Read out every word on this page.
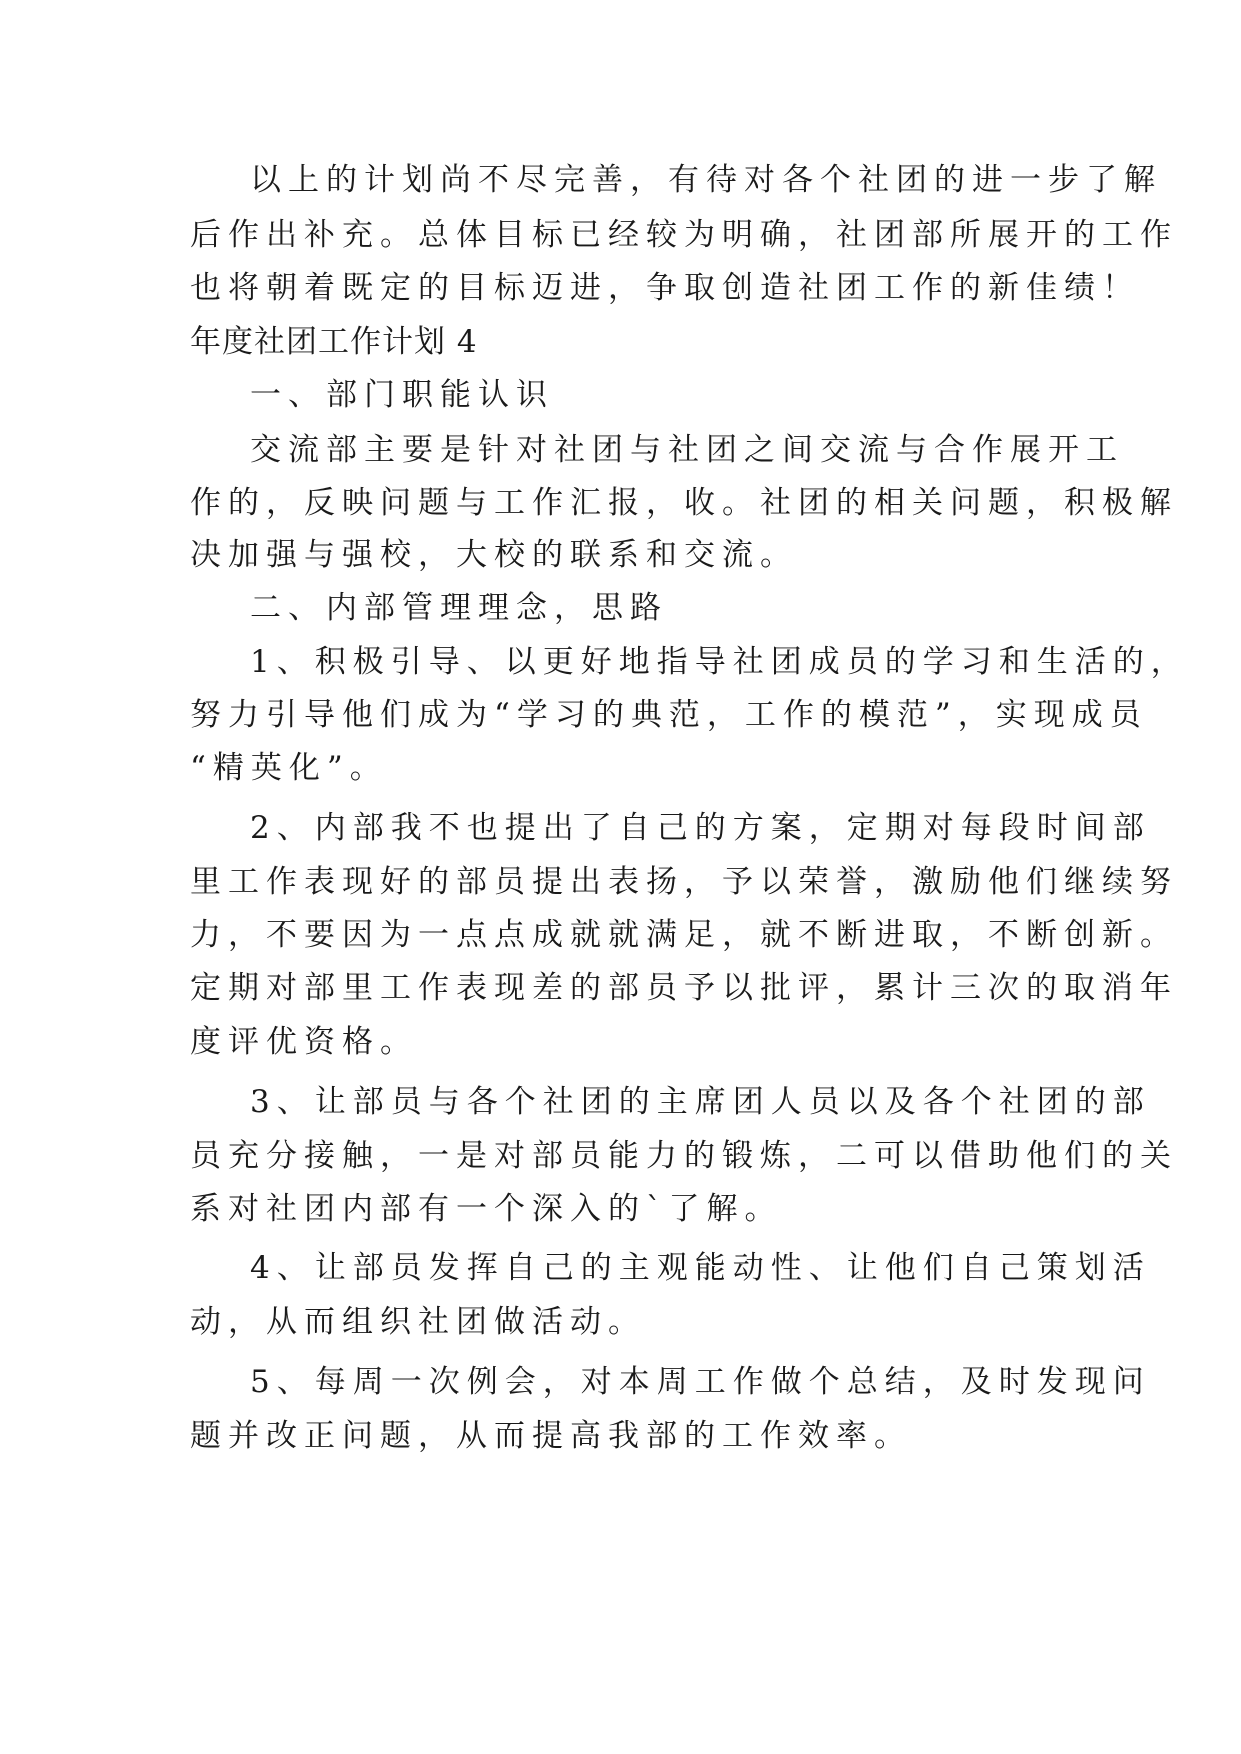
以上的计划尚不尽完善，有待对各个社团的进一步了解
后作出补充。总体目标已经较为明确，社团部所展开的工作
也将朝着既定的目标迈进，争取创造社团工作的新佳绩！
年度社团工作计划 4
一、部门职能认识
交流部主要是针对社团与社团之间交流与合作展开工
作的，反映问题与工作汇报，收。社团的相关问题，积极解
决加强与强校，大校的联系和交流。
二、内部管理理念，思路
1、积极引导、以更好地指导社团成员的学习和生活的，
努力引导他们成为“学习的典范，工作的模范”，实现成员
“精英化”。
2、内部我不也提出了自己的方案，定期对每段时间部
里工作表现好的部员提出表扬，予以荣誉，激励他们继续努
力，不要因为一点点成就就满足，就不断进取，不断创新。
定期对部里工作表现差的部员予以批评，累计三次的取消年
度评优资格。
3、让部员与各个社团的主席团人员以及各个社团的部
员充分接触，一是对部员能力的锻炼，二可以借助他们的关
系对社团内部有一个深入的`了解。
4、让部员发挥自己的主观能动性、让他们自己策划活
动，从而组织社团做活动。
5、每周一次例会，对本周工作做个总结，及时发现问
题并改正问题，从而提高我部的工作效率。
